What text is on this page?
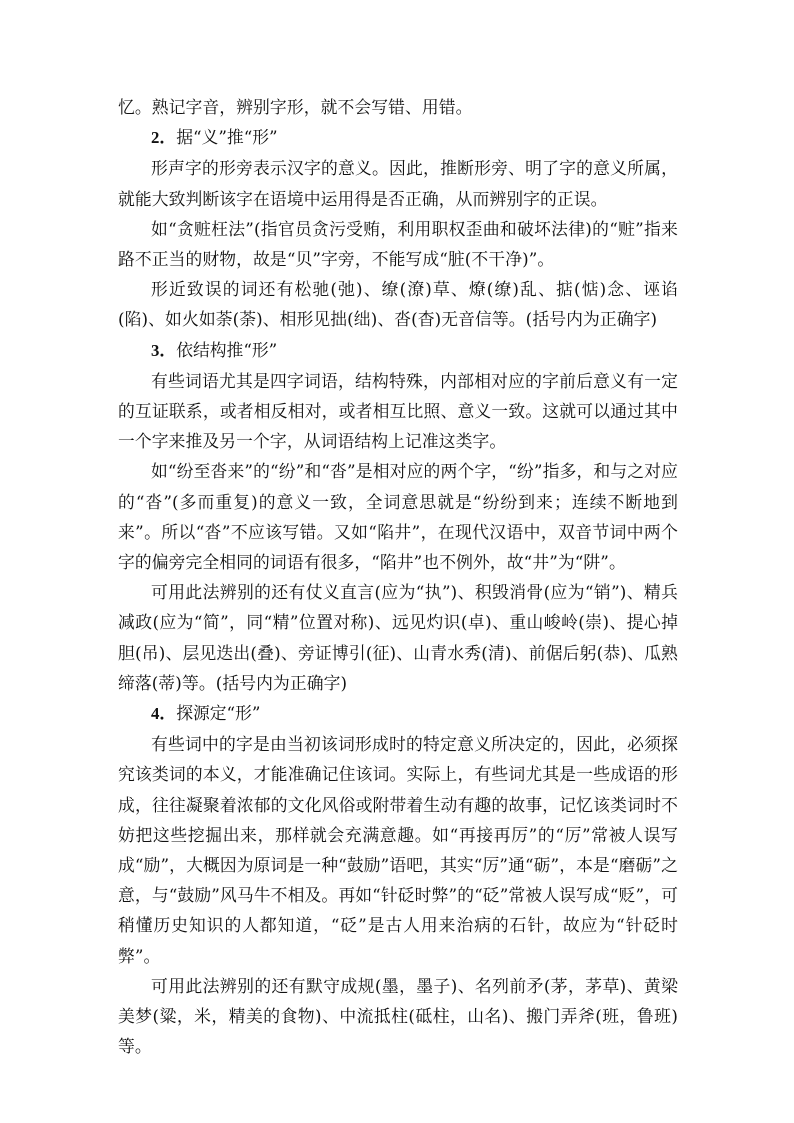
忆。熟记字音，辨别字形，就不会写错、用错。

2．据“义”推“形”

形声字的形旁表示汉字的意义。因此，推断形旁、明了字的意义所属，就能大致判断该字在语境中运用得是否正确，从而辨别字的正误。

如“贪赃枉法”(指官员贪污受贿，利用职权歪曲和破坏法律)的“赃”指来路不正当的财物，故是“贝”字旁，不能写成“脏(不干净)”。

形近致误的词还有松驰(弛)、缭(潦)草、燎(缭)乱、掂(惦)念、诬谄(陷)、如火如荼(荼)、相形见拙(绌)、沓(杳)无音信等。(括号内为正确字)

3．依结构推“形”

有些词语尤其是四字词语，结构特殊，内部相对应的字前后意义有一定的互证联系，或者相反相对，或者相互比照、意义一致。这就可以通过其中一个字来推及另一个字，从词语结构上记准这类字。

如“纷至沓来”的“纷”和“沓”是相对应的两个字，“纷”指多，和与之对应的“沓”(多而重复)的意义一致，全词意思就是“纷纷到来；连续不断地到来”。所以“沓”不应该写错。又如“陷井”，在现代汉语中，双音节词中两个字的偏旁完全相同的词语有很多，“陷井”也不例外，故“井”为“阱”。

可用此法辨别的还有仗义直言(应为“执”)、积毁消骨(应为“销”)、精兵减政(应为“简”，同“精”位置对称)、远见灼识(卓)、重山峻岭(崇)、提心掉胆(吊)、层见迭出(叠)、旁证博引(征)、山青水秀(清)、前倨后躬(恭)、瓜熟缔落(蒂)等。(括号内为正确字)

4．探源定“形”

有些词中的字是由当初该词形成时的特定意义所决定的，因此，必须探究该类词的本义，才能准确记住该词。实际上，有些词尤其是一些成语的形成，往往凝聚着浓郁的文化风俗或附带着生动有趣的故事，记忆该类词时不妨把这些挖掘出来，那样就会充满意趣。如“再接再厉”的“厉”常被人误写成“励”，大概因为原词是一种“鼓励”语吧，其实“厉”通“砺”，本是“磨砺”之意，与“鼓励”风马牛不相及。再如“针砭时弊”的“砭”常被人误写成“贬”，可稍懂历史知识的人都知道，“砭”是古人用来治病的石针，故应为“针砭时弊”。

可用此法辨别的还有默守成规(墨，墨子)、名列前矛(茅，茅草)、黄梁美梦(粱，米，精美的食物)、中流抵柱(砥柱，山名)、搬门弄斧(班，鲁班)等。
